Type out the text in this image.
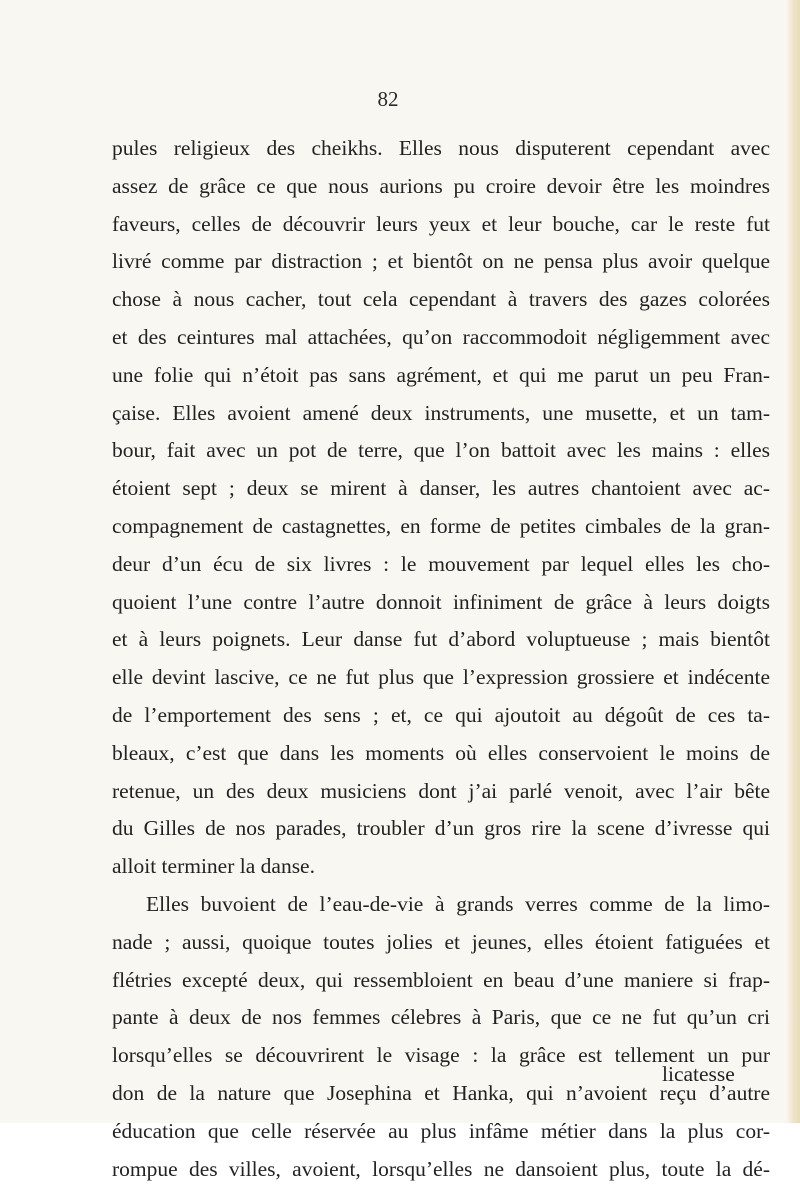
82
pules religieux des cheikhs. Elles nous disputerent cependant avec
assez de grâce ce que nous aurions pu croire devoir être les moindres
faveurs, celles de découvrir leurs yeux et leur bouche, car le reste fut
livré comme par distraction ; et bientôt on ne pensa plus avoir quelque
chose à nous cacher, tout cela cependant à travers des gazes colorées
et des ceintures mal attachées, qu’on raccommodoit négligemment avec
une folie qui n’étoit pas sans agrément, et qui me parut un peu Fran-
çaise. Elles avoient amené deux instruments, une musette, et un tam-
bour, fait avec un pot de terre, que l’on battoit avec les mains : elles
étoient sept ; deux se mirent à danser, les autres chantoient avec ac-
compagnement de castagnettes, en forme de petites cimbales de la gran-
deur d’un écu de six livres : le mouvement par lequel elles les cho-
quoient l’une contre l’autre donnoit infiniment de grâce à leurs doigts
et à leurs poignets. Leur danse fut d’abord voluptueuse ; mais bientôt
elle devint lascive, ce ne fut plus que l’expression grossiere et indécente
de l’emportement des sens ; et, ce qui ajoutoit au dégoût de ces ta-
bleaux, c’est que dans les moments où elles conservoient le moins de
retenue, un des deux musiciens dont j’ai parlé venoit, avec l’air bête
du Gilles de nos parades, troubler d’un gros rire la scene d’ivresse qui
alloit terminer la danse.
Elles buvoient de l’eau-de-vie à grands verres comme de la limo-
nade ; aussi, quoique toutes jolies et jeunes, elles étoient fatiguées et
flétries excepté deux, qui ressembloient en beau d’une maniere si frap-
pante à deux de nos femmes célebres à Paris, que ce ne fut qu’un cri
lorsqu’elles se découvrirent le visage : la grâce est tellement un pur
don de la nature que Josephina et Hanka, qui n’avoient reçu d’autre
éducation que celle réservée au plus infâme métier dans la plus cor-
rompue des villes, avoient, lorsqu’elles ne dansoient plus, toute la dé-
licatesse
